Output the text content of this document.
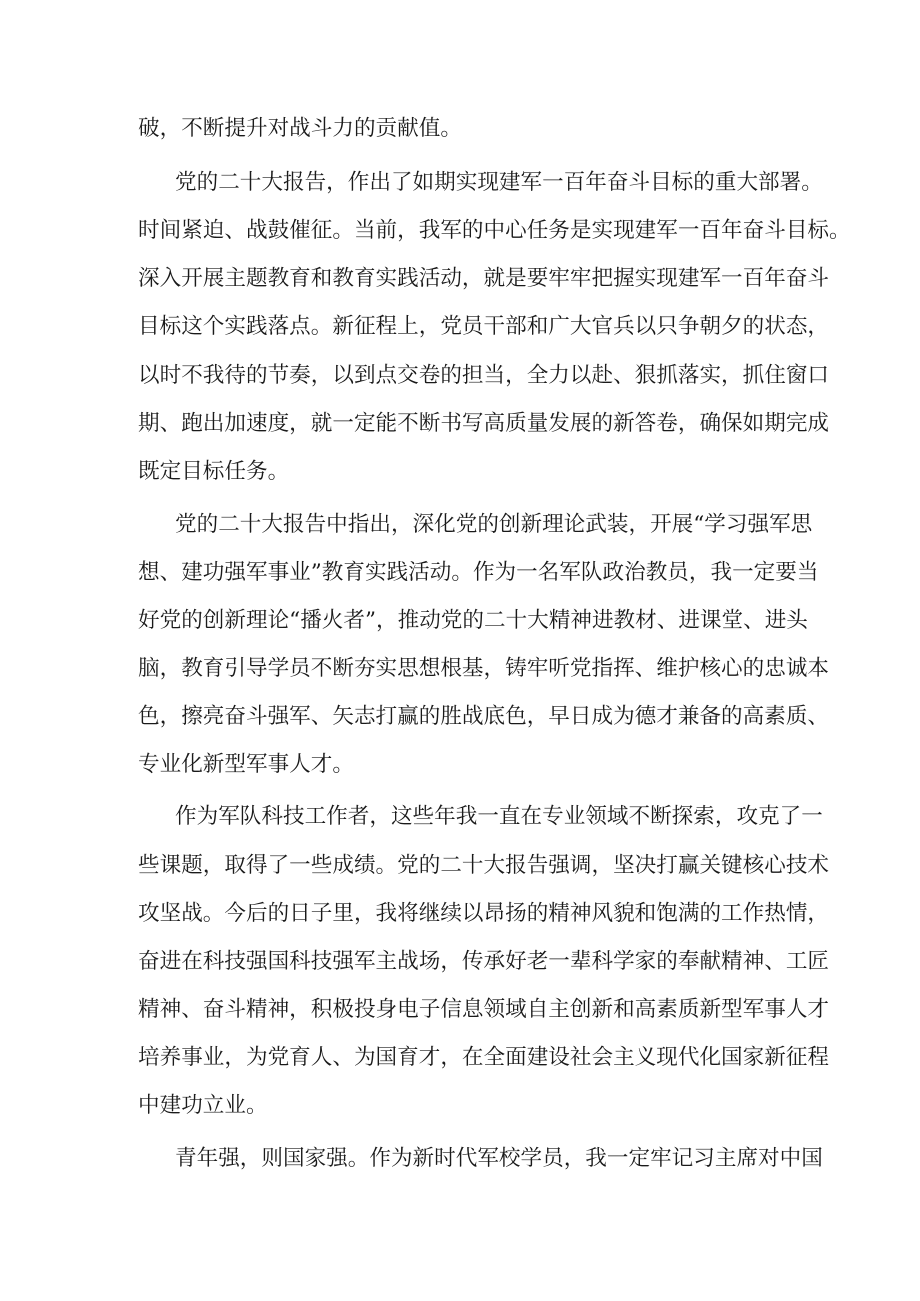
破，不断提升对战斗力的贡献值。
党的二十大报告，作出了如期实现建军一百年奋斗目标的重大部署。
时间紧迫、战鼓催征。当前，我军的中心任务是实现建军一百年奋斗目标。
深入开展主题教育和教育实践活动，就是要牢牢把握实现建军一百年奋斗
目标这个实践落点。新征程上，党员干部和广大官兵以只争朝夕的状态，
以时不我待的节奏，以到点交卷的担当，全力以赴、狠抓落实，抓住窗口
期、跑出加速度，就一定能不断书写高质量发展的新答卷，确保如期完成
既定目标任务。
党的二十大报告中指出，深化党的创新理论武装，开展“学习强军思
想、建功强军事业”教育实践活动。作为一名军队政治教员，我一定要当
好党的创新理论“播火者”，推动党的二十大精神进教材、进课堂、进头
脑，教育引导学员不断夯实思想根基，铸牢听党指挥、维护核心的忠诚本
色，擦亮奋斗强军、矢志打赢的胜战底色，早日成为德才兼备的高素质、
专业化新型军事人才。
作为军队科技工作者，这些年我一直在专业领域不断探索，攻克了一
些课题，取得了一些成绩。党的二十大报告强调，坚决打赢关键核心技术
攻坚战。今后的日子里，我将继续以昂扬的精神风貌和饱满的工作热情，
奋进在科技强国科技强军主战场，传承好老一辈科学家的奉献精神、工匠
精神、奋斗精神，积极投身电子信息领域自主创新和高素质新型军事人才
培养事业，为党育人、为国育才，在全面建设社会主义现代化国家新征程
中建功立业。
青年强，则国家强。作为新时代军校学员，我一定牢记习主席对中国
